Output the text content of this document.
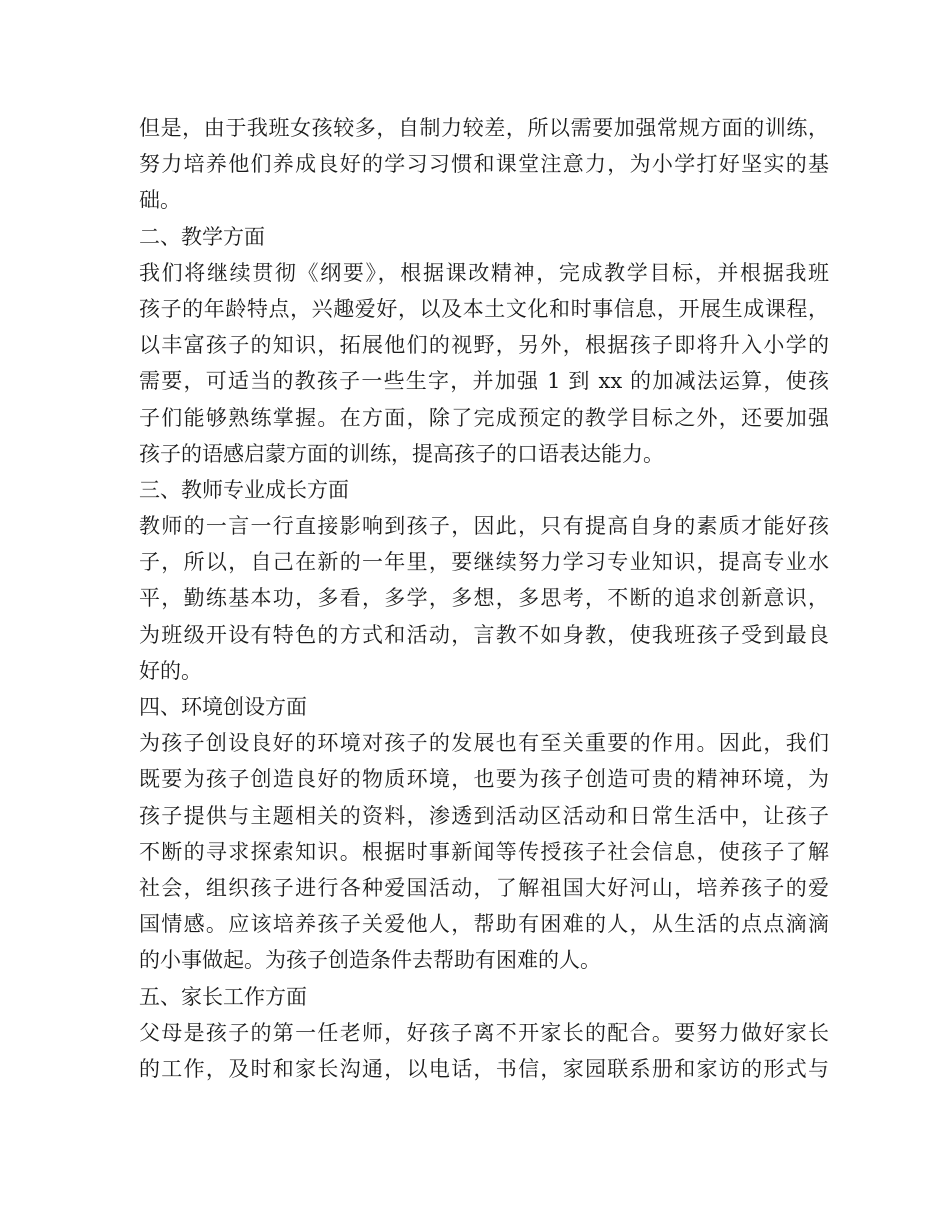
但是，由于我班女孩较多，自制力较差，所以需要加强常规方面的训练，
努力培养他们养成良好的学习习惯和课堂注意力，为小学打好坚实的基
础。
二、教学方面
我们将继续贯彻《纲要》，根据课改精神，完成教学目标，并根据我班
孩子的年龄特点，兴趣爱好，以及本土文化和时事信息，开展生成课程，
以丰富孩子的知识，拓展他们的视野，另外，根据孩子即将升入小学的
需要，可适当的教孩子一些生字，并加强 1 到 xx 的加减法运算，使孩
子们能够熟练掌握。在方面，除了完成预定的教学目标之外，还要加强
孩子的语感启蒙方面的训练，提高孩子的口语表达能力。
三、教师专业成长方面
教师的一言一行直接影响到孩子，因此，只有提高自身的素质才能好孩
子，所以，自己在新的一年里，要继续努力学习专业知识，提高专业水
平，勤练基本功，多看，多学，多想，多思考，不断的追求创新意识，
为班级开设有特色的方式和活动，言教不如身教，使我班孩子受到最良
好的。
四、环境创设方面
为孩子创设良好的环境对孩子的发展也有至关重要的作用。因此，我们
既要为孩子创造良好的物质环境，也要为孩子创造可贵的精神环境，为
孩子提供与主题相关的资料，渗透到活动区活动和日常生活中，让孩子
不断的寻求探索知识。根据时事新闻等传授孩子社会信息，使孩子了解
社会，组织孩子进行各种爱国活动，了解祖国大好河山，培养孩子的爱
国情感。应该培养孩子关爱他人，帮助有困难的人，从生活的点点滴滴
的小事做起。为孩子创造条件去帮助有困难的人。
五、家长工作方面
父母是孩子的第一任老师，好孩子离不开家长的配合。要努力做好家长
的工作，及时和家长沟通，以电话，书信，家园联系册和家访的形式与
